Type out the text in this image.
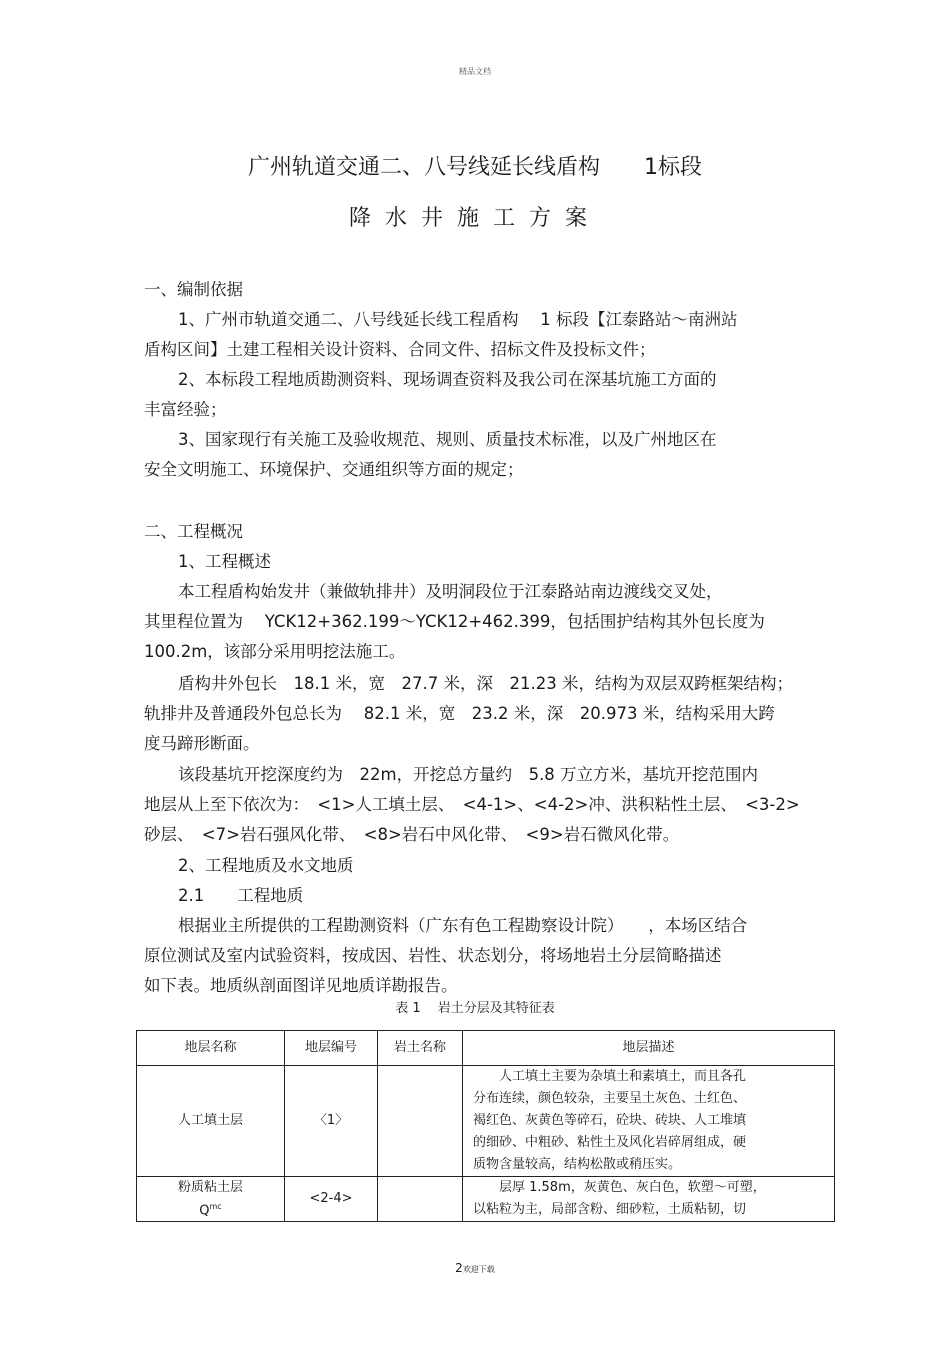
精品文档
广州轨道交通二、八号线延长线盾构　　1标段
降水井施工方案
一、编制依据
1、广州市轨道交通二、八号线延长线工程盾构　 1 标段【江泰路站～南洲站
盾构区间】土建工程相关设计资料、合同文件、招标文件及投标文件；
2、本标段工程地质勘测资料、现场调查资料及我公司在深基坑施工方面的
丰富经验；
3、国家现行有关施工及验收规范、规则、质量技术标准，以及广州地区在
安全文明施工、环境保护、交通组织等方面的规定；
二、工程概况
1、工程概述
本工程盾构始发井（兼做轨排井）及明洞段位于江泰路站南边渡线交叉处，
其里程位置为　 YCK12+362.199～YCK12+462.399，包括围护结构其外包长度为
100.2m，该部分采用明挖法施工。
盾构井外包长　18.1 米，宽　27.7 米，深　21.23 米，结构为双层双跨框架结构；
轨排井及普通段外包总长为　 82.1 米，宽　23.2 米，深　20.973 米，结构采用大跨
度马蹄形断面。
该段基坑开挖深度约为　22m，开挖总方量约　5.8 万立方米，基坑开挖范围内
地层从上至下依次为：　<1>人工填土层、　<4-1>、<4-2>冲、洪积粘性土层、　<3-2>
砂层、　<7>岩石强风化带、　<8>岩石中风化带、　<9>岩石微风化带。
2、工程地质及水文地质
2.1　　工程地质
根据业主所提供的工程勘测资料（广东有色工程勘察设计院）　　，本场区结合
原位测试及室内试验资料，按成因、岩性、状态划分，将场地岩土分层简略描述
如下表。地质纵剖面图详见地质详勘报告。
表 1　 岩土分层及其特征表
地层名称	地层编号	岩土名称	地层描述
人工填土层	〈1〉		人工填土主要为杂填土和素填土，而且各孔
分布连续，颜色较杂，主要呈土灰色、土红色、
褐红色、灰黄色等碎石，砼块、砖块、人工堆填
的细砂、中粗砂、粘性土及风化岩碎屑组成，硬
质物含量较高，结构松散或稍压实。

粉质粘土层
$Q^{mc}$	<2-4>		层厚 1.58m，灰黄色、灰白色，软塑～可塑，
以粘粒为主，局部含粉、细砂粒，土质粘韧，切
2欢迎下载
